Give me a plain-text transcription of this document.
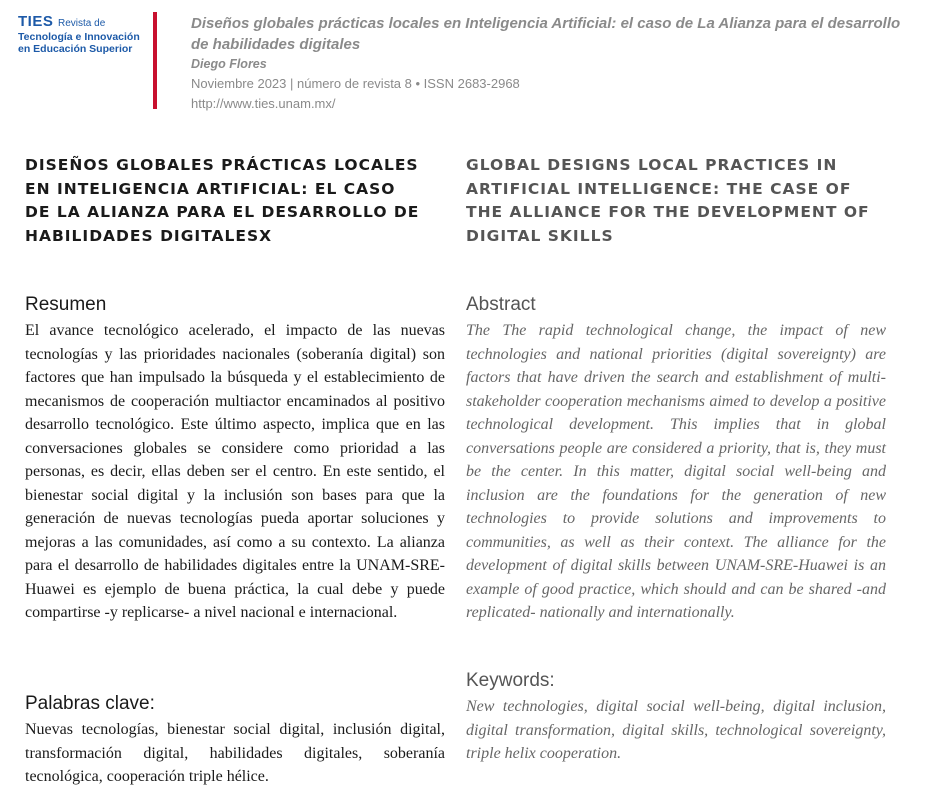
TIES Revista de
Tecnología e Innovación
en Educación Superior
Diseños globales prácticas locales en Inteligencia Artificial: el caso de La Alianza para el desarrollo
de habilidades digitales
Diego Flores
Noviembre 2023 | número de revista 8 • ISSN 2683-2968
http://www.ties.unam.mx/
DISEÑOS GLOBALES PRÁCTICAS LOCALES
EN INTELIGENCIA ARTIFICIAL: EL CASO
DE LA ALIANZA PARA EL DESARROLLO DE
HABILIDADES DIGITALESX
GLOBAL DESIGNS LOCAL PRACTICES IN
ARTIFICIAL INTELLIGENCE: THE CASE OF
THE ALLIANCE FOR THE DEVELOPMENT OF
DIGITAL SKILLS
Resumen

El avance tecnológico acelerado, el impacto de las nuevas tecnologías y las prioridades nacionales (soberanía digital) son factores que han impulsado la búsqueda y el establecimiento de mecanismos de cooperación multiactor encaminados al positivo desarrollo tecnológico. Este último aspecto, implica que en las conversaciones globales se considere como prioridad a las personas, es decir, ellas deben ser el centro. En este sentido, el bienestar social digital y la inclusión son bases para que la generación de nuevas tecnologías pueda aportar soluciones y mejoras a las comunidades, así como a su contexto. La alianza para el desarrollo de habilidades digitales entre la UNAM-SRE-Huawei es ejemplo de buena práctica, la cual debe y puede compartirse -y replicarse- a nivel nacional e internacional.

Palabras clave:

Nuevas tecnologías, bienestar social digital, inclusión digital, transformación digital, habilidades digitales, soberanía tecnológica, cooperación triple hélice.

Abstract

The The rapid technological change, the impact of new technologies and national priorities (digital sovereignty) are factors that have driven the search and establishment of multi-stakeholder cooperation mechanisms aimed to develop a positive technological development. This implies that in global conversations people are considered a priority, that is, they must be the center. In this matter, digital social well-being and inclusion are the foundations for the generation of new technologies to provide solutions and improvements to communities, as well as their context. The alliance for the development of digital skills between UNAM-SRE-Huawei is an example of good practice, which should and can be shared -and replicated- nationally and internationally.

Keywords:

New technologies, digital social well-being, digital inclusion, digital transformation, digital skills, technological sovereignty, triple helix cooperation.
